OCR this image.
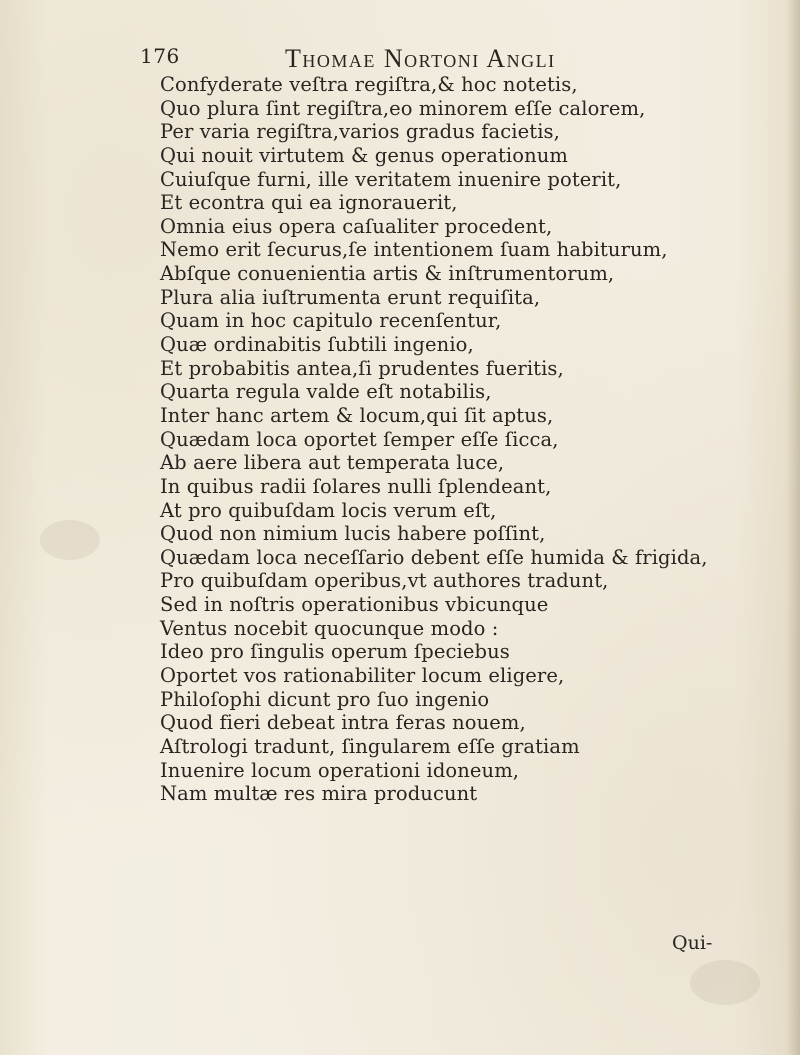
176	Thomae Nortoni Angli
Confyderate veſtra regiſtra,& hoc notetis,
Quo plura ſint regiſtra,eo minorem eſſe calorem,
Per varia regiſtra,varios gradus facietis,
Qui nouit virtutem & genus operationum
Cuiuſque furni, ille veritatem inuenire poterit,
Et econtra qui ea ignorauerit,
Omnia eius opera caſualiter procedent,
Nemo erit ſecurus,ſe intentionem ſuam habiturum,
Abſque conuenientia artis & inſtrumentorum,
Plura alia iuſtrumenta erunt requiſita,
Quam in hoc capitulo recenſentur,
Quæ ordinabitis ſubtili ingenio,
Et probabitis antea,ſi prudentes fueritis,
Quarta regula valde eſt notabilis,
Inter hanc artem & locum,qui ſit aptus,
Quædam loca oportet ſemper eſſe ſicca,
Ab aere libera aut temperata luce,
In quibus radii ſolares nulli ſplendeant,
At pro quibuſdam locis verum eſt,
Quod non nimium lucis habere poſſint,
Quædam loca neceſſario debent eſſe humida & frigida,
Pro quibuſdam operibus,vt authores tradunt,
Sed in noſtris operationibus vbicunque
Ventus nocebit quocunque modo :
Ideo pro ſingulis operum ſpeciebus
Oportet vos rationabiliter locum eligere,
Philoſophi dicunt pro ſuo ingenio
Quod fieri debeat intra feras nouem,
Aſtrologi tradunt, ſingularem eſſe gratiam
Inuenire locum operationi idoneum,
Nam multæ res mira producunt
Qui-
